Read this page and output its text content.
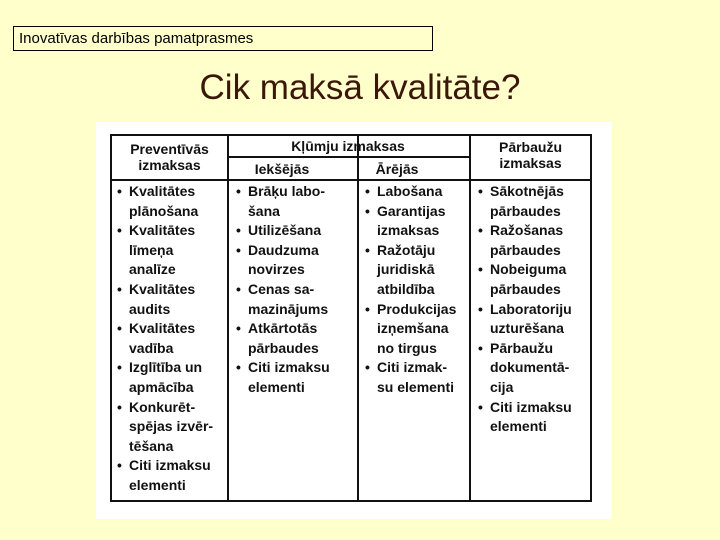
Inovatīvas darbības pamatprasmes
Cik maksā kvalitāte?
Preventīvās
izmaksas
Kļūmju izmaksas
Iekšējās	Ārējās
Pārbaužu
izmaksas
• Kvalitātes
plānošana
• Kvalitātes
līmeņa
analīze
• Kvalitātes
audits
• Kvalitātes
vadība
• Izglītība un
apmācība
• Konkurēt-
spējas izvēr-
tēšana
• Citi izmaksu
elementi
• Brāķu labo-
šana
• Utilizēšana
• Daudzuma
novirzes
• Cenas sa-
mazinājums
• Atkārtotās
pārbaudes
• Citi izmaksu
elementi
• Labošana
• Garantijas
izmaksas
• Ražotāju
juridiskā
atbildība
• Produkcijas
izņemšana
no tirgus
• Citi izmak-
su elementi
• Sākotnējās
pārbaudes
• Ražošanas
pārbaudes
• Nobeiguma
pārbaudes
• Laboratoriju
uzturēšana
• Pārbaužu
dokumentā-
cija
• Citi izmaksu
elementi
